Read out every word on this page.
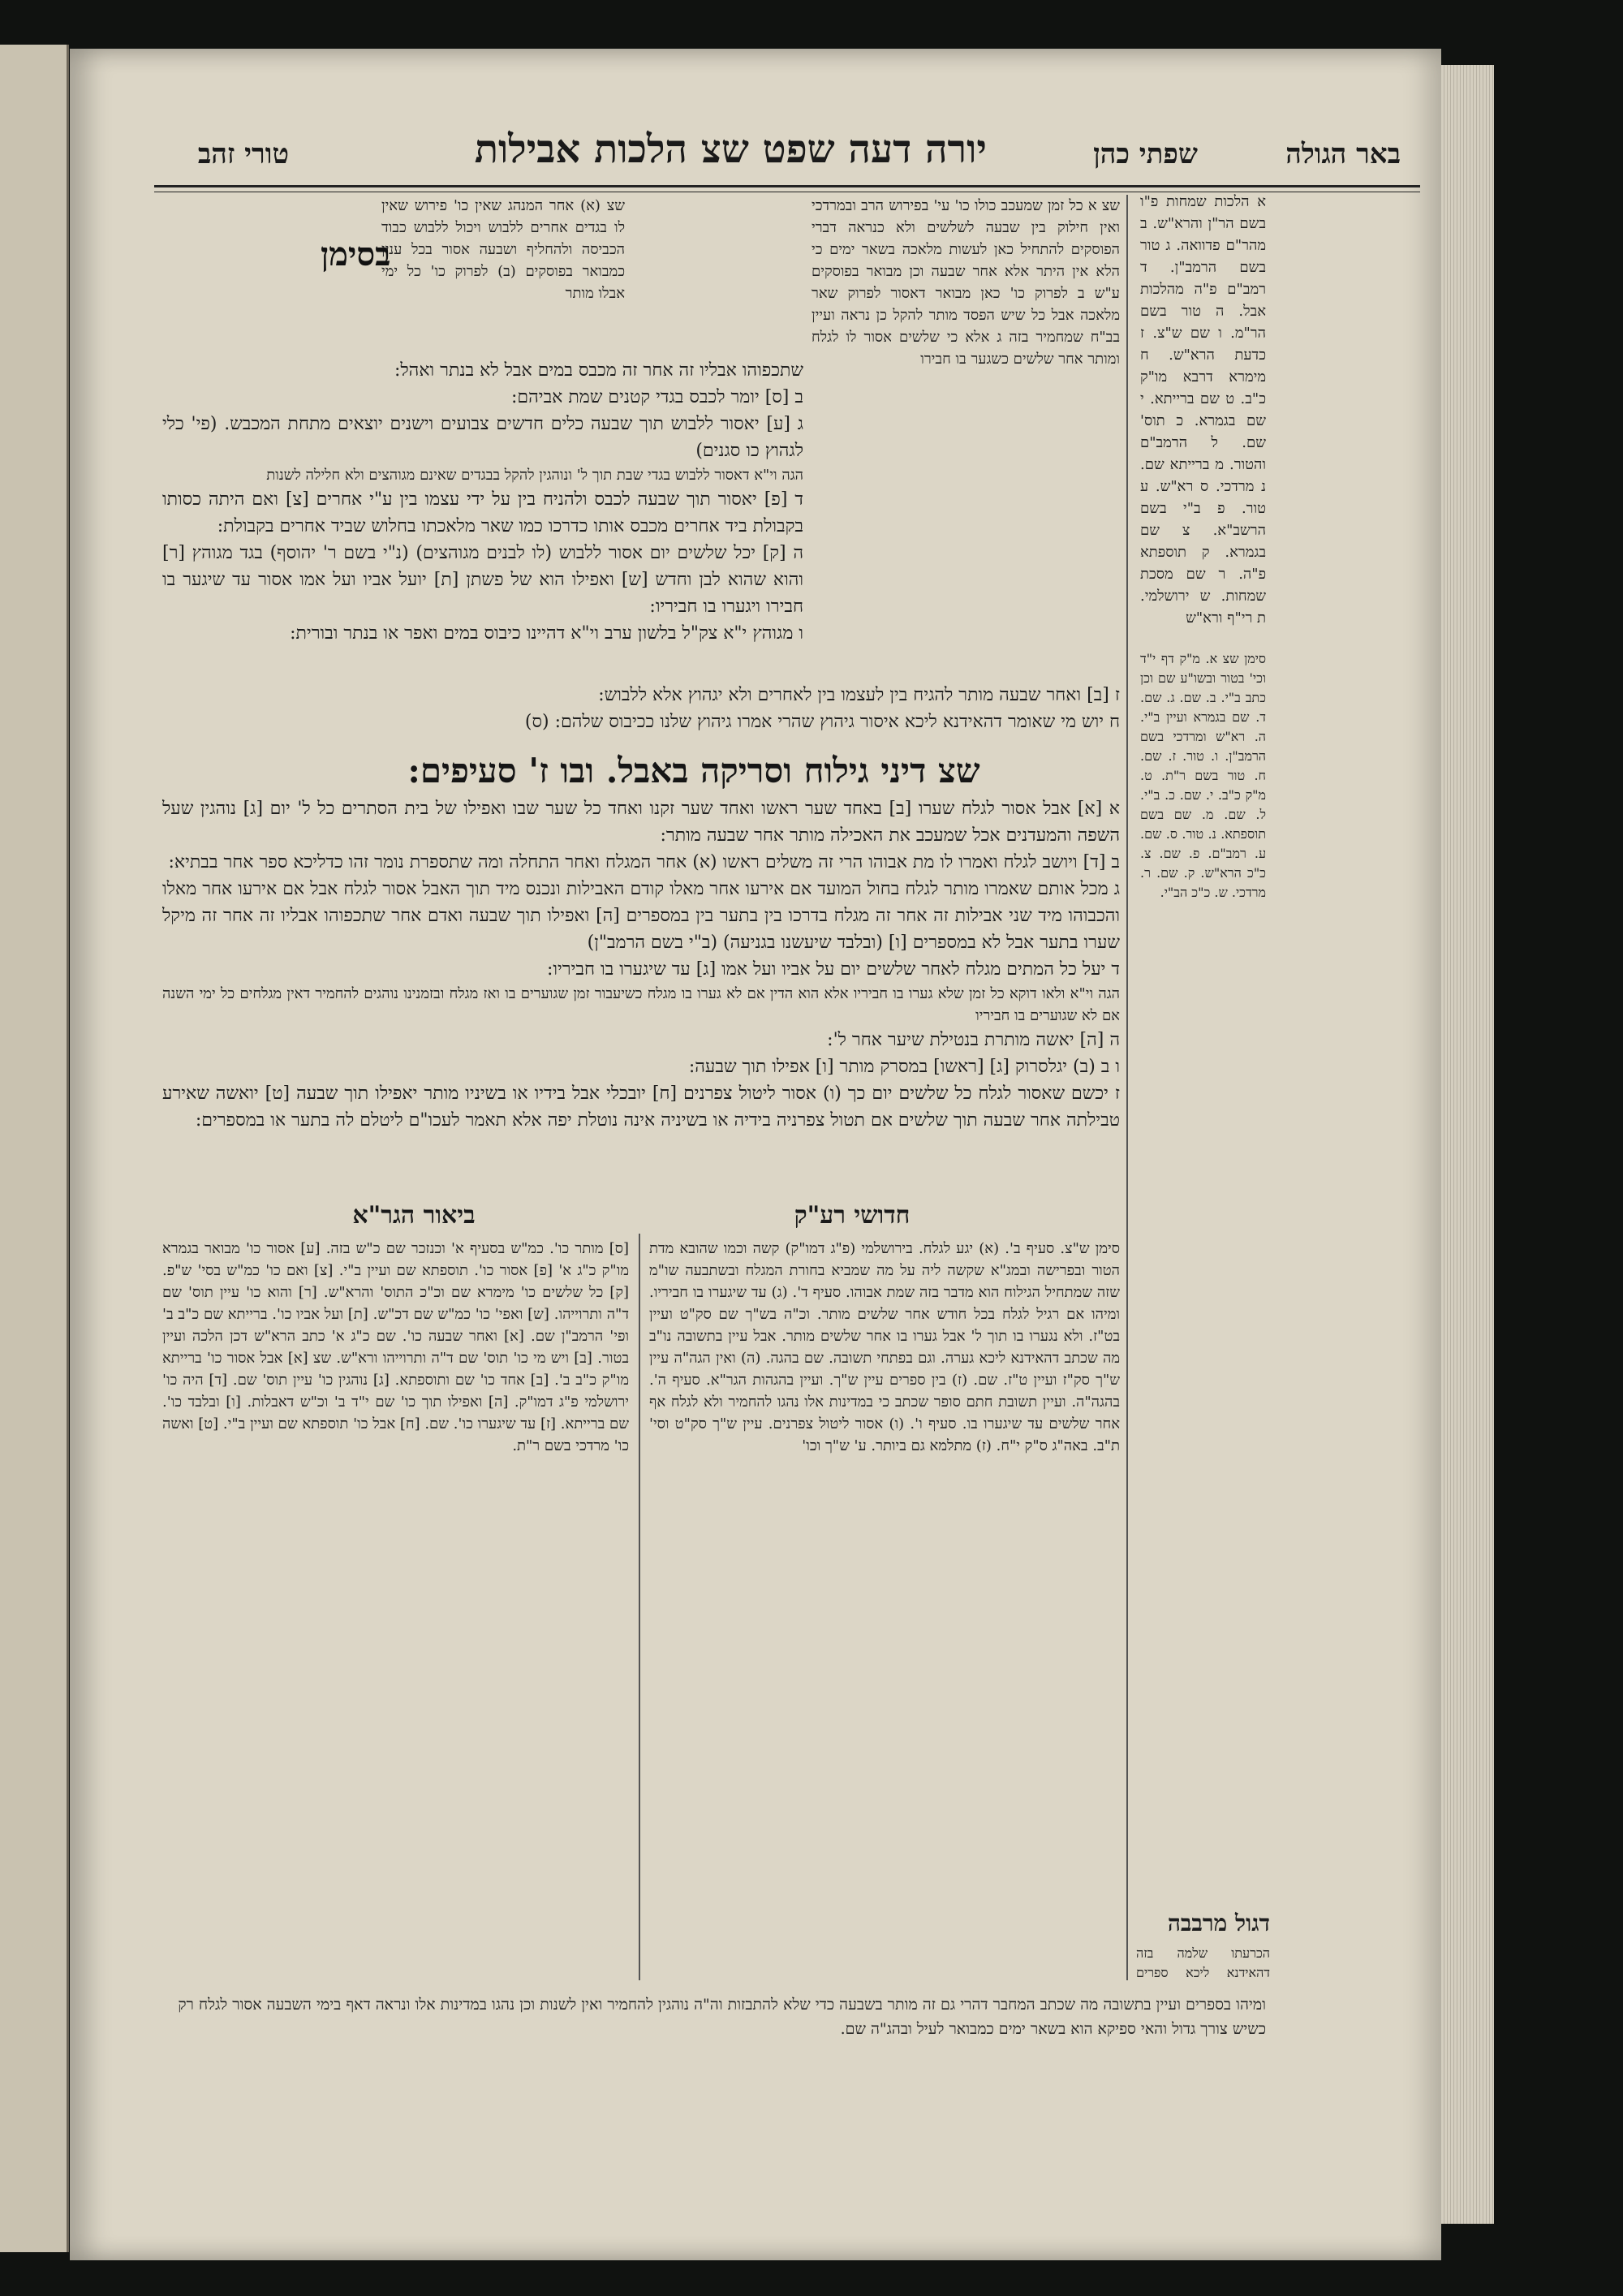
באר הגולה
שפתי כהן
יורה דעה שפט שצ הלכות אבילות
טורי זהב
א הלכות שמחות פ"ו בשם הר"ן והרא"ש. ב מהר"ם פדוואה. ג טור בשם הרמב"ן. ד רמב"ם פ"ה מהלכות אבל. ה טור בשם הר"מ. ו שם ש"צ. ז כדעת הרא"ש. ח מימרא דרבא מו"ק כ"ב. ט שם ברייתא. י שם בגמרא. כ תוס' שם. ל הרמב"ם והטור. מ ברייתא שם. נ מרדכי. ס רא"ש. ע טור. פ ב"י בשם הרשב"א. צ שם בגמרא. ק תוספתא פ"ה. ר שם מסכת שמחות. ש ירושלמי. ת רי"ף ורא"ש
סימן שצ א. מ"ק דף י"ד וכי' בטור ובשו"ע שם וכן כתב ב"י. ב. שם. ג. שם. ד. שם בגמרא ועיין ב"י. ה. רא"ש ומרדכי בשם הרמב"ן. ו. טור. ז. שם. ח. טור בשם ר"ת. ט. מ"ק כ"ב. י. שם. כ. ב"י. ל. שם. מ. שם בשם תוספתא. נ. טור. ס. שם. ע. רמב"ם. פ. שם. צ. כ"כ הרא"ש. ק. שם. ר. מרדכי. ש. כ"כ הב"י.
דגול מרבבה
הכרעתו שלמה בזה דהאידנא ליכא ספרים
שצ א כל זמן שמעכב כולו כו' עי' בפירוש הרב ובמרדכי ואין חילוק בין שבעה לשלשים ולא כנראה דברי הפוסקים להתחיל כאן לעשות מלאכה בשאר ימים כי הלא אין היתר אלא אחר שבעה וכן מבואר בפוסקים ע"ש ב לפרוק כו' כאן מבואר דאסור לפרוק שאר מלאכה אבל כל שיש הפסד מותר להקל כן נראה ועיין בב"ח שמחמיר בזה ג אלא כי שלשים אסור לו לגלח ומותר אחר שלשים כשגער בו חבירו
שצ (א) אחר המנהג שאין כו' פירוש שאין לו בגדים אחרים ללבוש ויכול ללבוש כבוד הכביסה ולהחליף ושבעה אסור בכל ענין כמבואר בפוסקים (ב) לפרוק כו' כל ימי אבלו מותר
בסימן
שתכפוהו אבליו זה אחר זה מכבס במים אבל לא בנתר ואהל:
ב [ס] יומר לכבס בגדי קטנים שמת אביהם:
ג [ע] יאסור ללבוש תוך שבעה כלים חדשים צבועים וישנים יוצאים מתחת המכבש. (פי' כלי לגהוץ כו סגנים)
הגה וי"א דאסור ללבוש בגדי שבת תוך ל' ונוהגין להקל בבגדים שאינם מגוהצים ולא חלילה לשנות
ד [פ] יאסור תוך שבעה לכבס ולהניח בין על ידי עצמו בין ע"י אחרים [צ] ואם היתה כסותו בקבולת ביד אחרים מכבס אותו כדרכו כמו שאר מלאכתו בחלוש שביד אחרים בקבולת:
ה [ק] יכל שלשים יום אסור ללבוש (לו לבנים מגוהצים) (נ"י בשם ר' יהוסף) בגד מגוהץ [ר] והוא שהוא לבן וחדש [ש] ואפילו הוא של פשתן [ת] יועל אביו ועל אמו אסור עד שיגער בו חבירו ויגערו בו חביריו:
ו מגוהץ י"א צק"ל בלשון ערב וי"א דהיינו כיבוס במים ואפר או בנתר ובורית:
ז [ב] ואחר שבעה מותר להגיח בין לעצמו בין לאחרים ולא יגהוץ אלא ללבוש:
ח יוש מי שאומר דהאידנא ליכא איסור גיהוץ שהרי אמרו גיהוץ שלנו ככיבוס שלהם: (ס)
שצ דיני גילוח וסריקה באבל. ובו ז' סעיפים:
א [א] אבל אסור לגלח שערו [ב] באחד שער ראשו ואחד שער זקנו ואחד כל שער שבו ואפילו של בית הסתרים כל ל' יום [ג] נוהגין שעל השפה והמעדנים אכל שמעכב את האכילה מותר אחר שבעה מותר:
ב [ד] ויושב לגלח ואמרו לו מת אבוהו הרי זה משלים ראשו (א) אחר המגלח ואחר התחלה ומה שתספרת נומר זהו כדליכא ספר אחר בבתיא:
ג מכל אותם שאמרו מותר לגלח בחול המועד אם אירעו אחר מאלו קודם האבילות ונכנס מיד תוך האבל אסור לגלח אבל אם אירעו אחר מאלו והכבוהו מיד שני אבילות זה אחר זה מגלח בדרכו בין בתער בין במספרים [ה] ואפילו תוך שבעה ואדם אחר שתכפוהו אבליו זה אחר זה מיקל שערו בתער אבל לא במספרים [ו] (ובלבד שיעשנו בגניעה) (ב"י בשם הרמב"ן)
ד יעל כל המתים מגלח לאחר שלשים יום על אביו ועל אמו [ג] עד שיגערו בו חביריו:
הגה וי"א ולאו דוקא כל זמן שלא גערו בו חביריו אלא הוא הדין אם לא גערו בו מגלח כשיעבור זמן שגוערים בו ואז מגלח ובזמנינו נוהגים להחמיר דאין מגלחים כל ימי השנה אם לא שגוערים בו חביריו
ה [ה] יאשה מותרת בנטילת שיער אחר ל':
ו ב (ב) יגלסרוק [ג] [ראשו] במסרק מותר [ו] אפילו תוך שבעה:
ז יכשם שאסור לגלח כל שלשים יום כך (ו) אסור ליטול צפרנים [ח] יובכלי אבל בידיו או בשיניו מותר יאפילו תוך שבעה [ט] יואשה שאירע טבילתה אחר שבעה תוך שלשים אם תטול צפרניה בידיה או בשיניה אינה נוטלת יפה אלא תאמר לעכו"ם ליטלם לה בתער או במספרים:
חדושי רע"ק
ביאור הגר"א
סימן ש"צ. סעיף ב'. (א) יגע לגלח. בירושלמי (פ"ג דמו"ק) קשה וכמו שהובא מדת הטור ובפרישה ובמג"א שקשה ליה על מה שמביא בחורת המגלח ובשתבעה שו"מ שזה שמתחיל הגילוח הוא מדבר בזה שמת אבוהו. סעיף ד'. (ג) עד שיגערו בו חביריו. ומיהו אם רגיל לגלח בכל חודש אחר שלשים מותר. וכ"ה בש"ך שם סק"ט ועיין בט"ז. ולא נגערו בו תוך ל' אבל גערו בו אחר שלשים מותר. אבל עיין בתשובה נו"ב מה שכתב דהאידנא ליכא גערה. וגם בפתחי תשובה. שם בהגה. (ה) ואין הגה"ה עיין ש"ך סק"ז ועיין ט"ז. שם. (ז) בין ספרים עיין ש"ך. ועיין בהגהות הגר"א. סעיף ה'. בהגה"ה. ועיין תשובת חתם סופר שכתב כי במדינות אלו נהגו להחמיר ולא לגלח אף אחר שלשים עד שיגערו בו. סעיף ו'. (ו) אסור ליטול צפרנים. עיין ש"ך סק"ט וסי' ת"ב. באה"ג ס"ק י"ח. (ז) מתלמא גם ביותר. ע' ש"ך וכו'
[ס] מותר כו'. כמ"ש בסעיף א' וכנזכר שם כ"ש בזה. [ע] אסור כו' מבואר בגמרא מו"ק כ"ג א' [פ] אסור כו'. תוספתא שם ועיין ב"י. [צ] ואם כו' כמ"ש בסי' ש"פ. [ק] כל שלשים כו' מימרא שם וכ"כ התוס' והרא"ש. [ר] והוא כו' עיין תוס' שם ד"ה ותרוייהו. [ש] ואפי' כו' כמ"ש שם דכ"ש. [ת] ועל אביו כו'. ברייתא שם כ"ב ב' ופי' הרמב"ן שם. [א] ואחר שבעה כו'. שם כ"ג א' כתב הרא"ש דכן הלכה ועיין בטור. [ב] ויש מי כו' תוס' שם ד"ה ותרוייהו ורא"ש. שצ [א] אבל אסור כו' ברייתא מו"ק כ"ב ב'. [ב] אחד כו' שם ותוספתא. [ג] נוהגין כו' עיין תוס' שם. [ד] היה כו' ירושלמי פ"ג דמו"ק. [ה] ואפילו תוך כו' שם י"ד ב' וכ"ש דאבלות. [ו] ובלבד כו'. שם ברייתא. [ז] עד שיגערו כו'. שם. [ח] אבל כו' תוספתא שם ועיין ב"י. [ט] ואשה כו' מרדכי בשם ר"ת.
ומיהו בספרים ועיין בתשובה מה שכתב המחבר דהרי גם זה מותר בשבעה כדי שלא להתבזות וה"ה נוהגין להחמיר ואין לשנות וכן נהגו במדינות אלו ונראה דאף בימי השבעה אסור לגלח רק כשיש צורך גדול והאי ספיקא הוא בשאר ימים כמבואר לעיל ובהג"ה שם.
